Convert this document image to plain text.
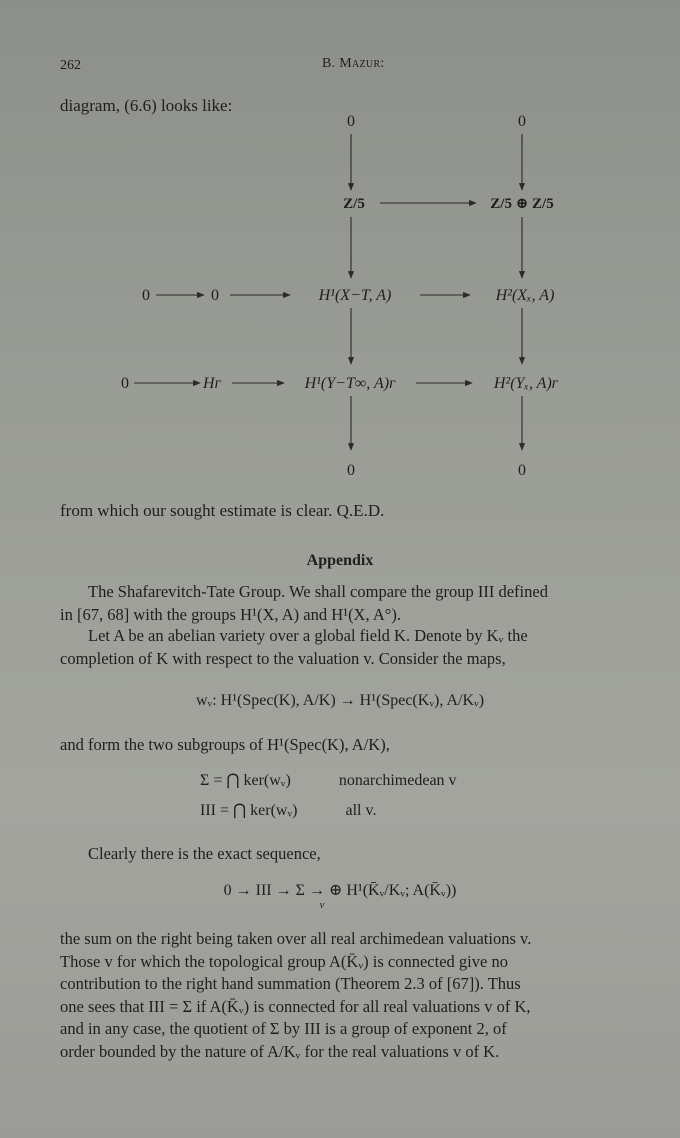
262	B. Mazur:
diagram, (6.6) looks like:
0	0
Z/5	Z/5 ⊕ Z/5
0	0	H¹(X−T, A)	H²(Xₓ, A)
0	Hᴦ	H¹(Y−T∞, A)ᴦ	H²(Yₓ, A)ᴦ
0	0
from which our sought estimate is clear. Q.E.D.
Appendix
The Shafarevitch-Tate Group. We shall compare the group III defined
in [67, 68] with the groups H¹(X, A) and H¹(X, A°).
Let A be an abelian variety over a global field K. Denote by Kᵥ the
completion of K with respect to the valuation v. Consider the maps,
wᵥ: H¹(Spec(K), A/K) → H¹(Spec(Kᵥ), A/Kᵥ)
and form the two subgroups of H¹(Spec(K), A/K),
Σ = ⋂ ker(wᵥ)	nonarchimedean v
III = ⋂ ker(wᵥ)	all v.
Clearly there is the exact sequence,
0 → III → Σ → ⊕ H¹(K̄ᵥ/Kᵥ; A(K̄ᵥ))
v
the sum on the right being taken over all real archimedean valuations v.
Those v for which the topological group A(K̄ᵥ) is connected give no
contribution to the right hand summation (Theorem 2.3 of [67]). Thus
one sees that III = Σ if A(K̄ᵥ) is connected for all real valuations v of K,
and in any case, the quotient of Σ by III is a group of exponent 2, of
order bounded by the nature of A/Kᵥ for the real valuations v of K.
